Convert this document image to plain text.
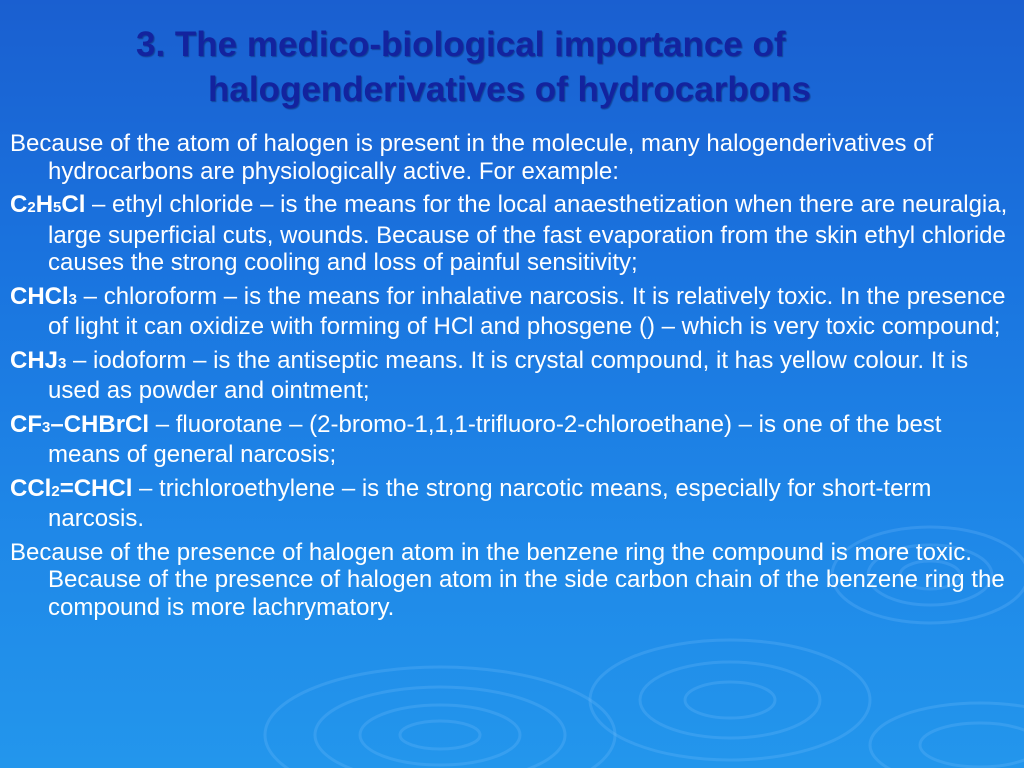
3. The medico-biological importance of
halogenderivatives of hydrocarbons

Because of the atom of halogen is present in the molecule, many halogenderivatives of hydrocarbons are physiologically active. For example:

C2H5Cl – ethyl chloride – is the means for the local anaesthetization when there are neuralgia, large superficial cuts, wounds. Because of the fast evaporation from the skin ethyl chloride causes the strong cooling and loss of painful sensitivity;

CHCl3 – chloroform – is the means for inhalative narcosis. It is relatively toxic. In the presence of light it can oxidize with forming of HCl and phosgene () – which is very toxic compound;

CHJ3 – iodoform – is the antiseptic means. It is crystal compound, it has yellow colour. It is used as powder and ointment;

CF3–CHBrCl – fluorotane – (2-bromo-1,1,1-trifluoro-2-chloroethane) – is one of the best means of general narcosis;

CCl2=CHCl – trichloroethylene – is the strong narcotic means, especially for short-term narcosis.

Because of the presence of halogen atom in the benzene ring the compound is more toxic. Because of the presence of halogen atom in the side carbon chain of the benzene ring the compound is more lachrymatory.
